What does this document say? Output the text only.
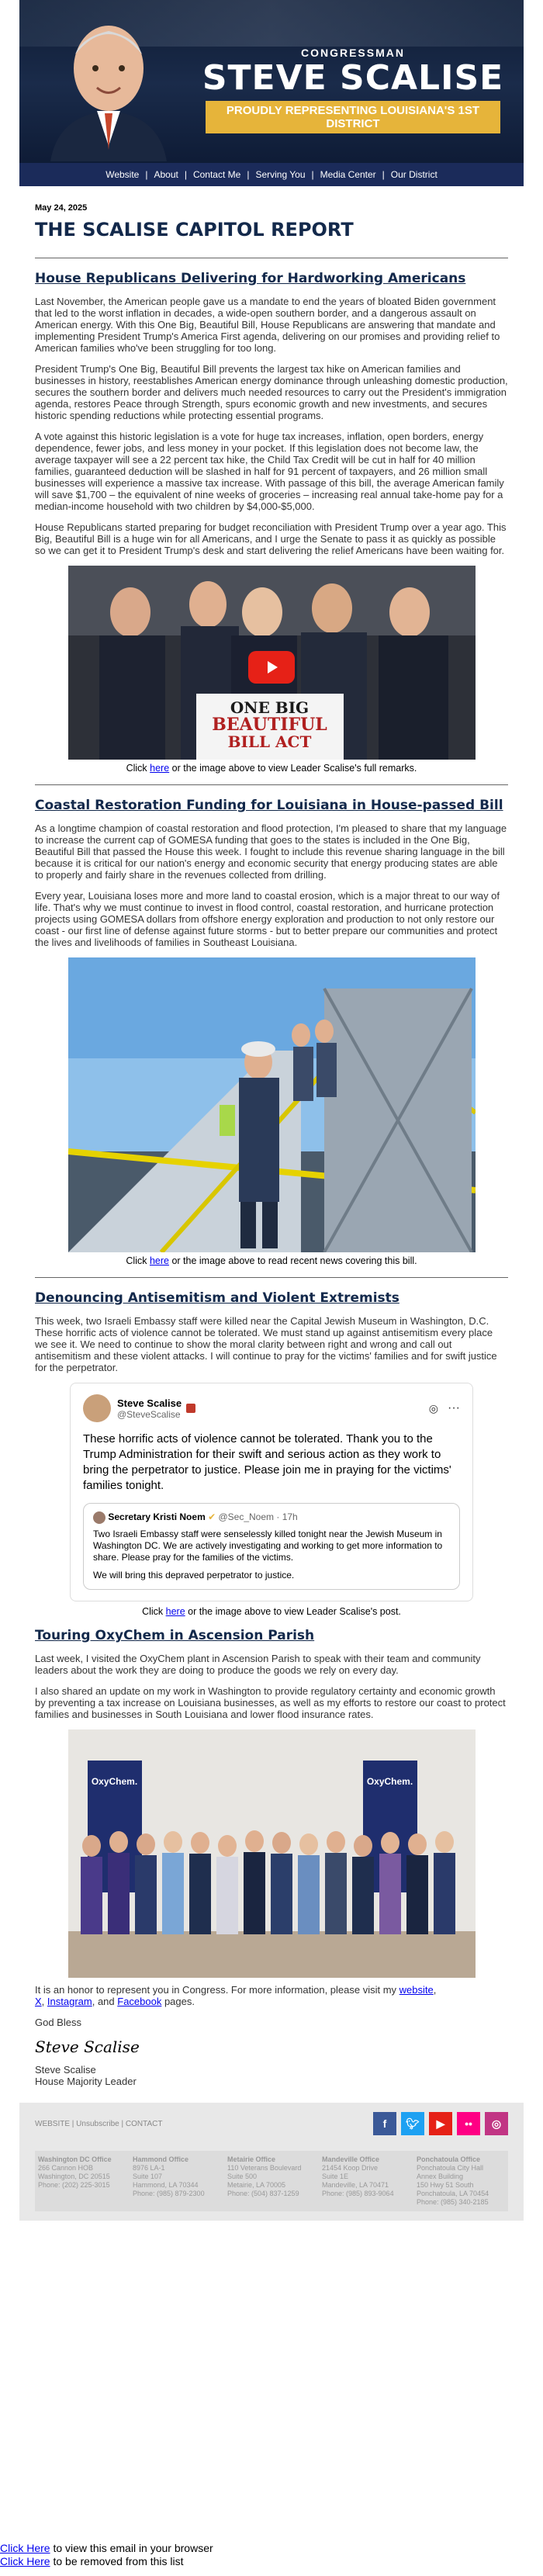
CONGRESSMAN
STEVE SCALISE
PROUDLY REPRESENTING LOUISIANA'S 1ST DISTRICT
Website | About | Contact Me | Serving You | Media Center | Our District
May 24, 2025
THE SCALISE CAPITOL REPORT
House Republicans Delivering for Hardworking Americans

Last November, the American people gave us a mandate to end the years of bloated Biden government that led to the worst inflation in decades, a wide-open southern border, and a dangerous assault on American energy. With this One Big, Beautiful Bill, House Republicans are answering that mandate and implementing President Trump's America First agenda, delivering on our promises and providing relief to American families who've been struggling for too long.

President Trump's One Big, Beautiful Bill prevents the largest tax hike on American families and businesses in history, reestablishes American energy dominance through unleashing domestic production, secures the southern border and delivers much needed resources to carry out the President's immigration agenda, restores Peace through Strength, spurs economic growth and new investments, and secures historic spending reductions while protecting essential programs.

A vote against this historic legislation is a vote for huge tax increases, inflation, open borders, energy dependence, fewer jobs, and less money in your pocket. If this legislation does not become law, the average taxpayer will see a 22 percent tax hike, the Child Tax Credit will be cut in half for 40 million families, guaranteed deduction will be slashed in half for 91 percent of taxpayers, and 26 million small businesses will experience a massive tax increase. With passage of this bill, the average American family will save $1,700 – the equivalent of nine weeks of groceries – increasing real annual take-home pay for a median-income household with two children by $4,000-$5,000.

House Republicans started preparing for budget reconciliation with President Trump over a year ago. This Big, Beautiful Bill is a huge win for all Americans, and I urge the Senate to pass it as quickly as possible so we can get it to President Trump's desk and start delivering the relief Americans have been waiting for.

ONE BIG
BEAUTIFUL
BILL ACT
Click here or the image above to view Leader Scalise's full remarks.
Coastal Restoration Funding for Louisiana in House-passed Bill

As a longtime champion of coastal restoration and flood protection, I'm pleased to share that my language to increase the current cap of GOMESA funding that goes to the states is included in the One Big, Beautiful Bill that passed the House this week. I fought to include this revenue sharing language in the bill because it is critical for our nation's energy and economic security that energy producing states are able to properly and fairly share in the revenues collected from drilling.

Every year, Louisiana loses more and more land to coastal erosion, which is a major threat to our way of life. That's why we must continue to invest in flood control, coastal restoration, and hurricane protection projects using GOMESA dollars from offshore energy exploration and production to not only restore our coast - our first line of defense against future storms - but to better prepare our communities and protect the lives and livelihoods of families in Southeast Louisiana.

Click here or the image above to read recent news covering this bill.
Denouncing Antisemitism and Violent Extremists

This week, two Israeli Embassy staff were killed near the Capital Jewish Museum in Washington, D.C. These horrific acts of violence cannot be tolerated. We must stand up against antisemitism every place we see it. We need to continue to show the moral clarity between right and wrong and call out antisemitism and these violent attacks. I will continue to pray for the victims' families and for swift justice for the perpetrator.

Steve Scalise
@SteveScalise	◎ ···
These horrific acts of violence cannot be tolerated. Thank you to the Trump Administration for their swift and serious action as they work to bring the perpetrator to justice. Please join me in praying for the victims' families tonight.
Secretary Kristi Noem ✔ @Sec_Noem · 17h
Two Israeli Embassy staff were senselessly killed tonight near the Jewish Museum in Washington DC. We are actively investigating and working to get more information to share. Please pray for the families of the victims.
We will bring this depraved perpetrator to justice.
Click here or the image above to view Leader Scalise's post.
Touring OxyChem in Ascension Parish

Last week, I visited the OxyChem plant in Ascension Parish to speak with their team and community leaders about the work they are doing to produce the goods we rely on every day.

I also shared an update on my work in Washington to provide regulatory certainty and economic growth by preventing a tax increase on Louisiana businesses, as well as my efforts to restore our coast to protect families and businesses in South Louisiana and lower flood insurance rates.

OxyChem.	OxyChem.

It is an honor to represent you in Congress. For more information, please visit my website,
X, Instagram, and Facebook pages.

God Bless

Steve Scalise

Steve Scalise

House Majority Leader

WEBSITE | Unsubscribe | CONTACT	f	🐦︎	▶	••	◎
Washington DC Office
266 Cannon HOB
Washington, DC 20515
Phone: (202) 225-3015
Hammond Office
8976 LA-1
Suite 107
Hammond, LA 70344
Phone: (985) 879-2300
Metairie Office
110 Veterans Boulevard
Suite 500
Metairie, LA 70005
Phone: (504) 837-1259
Mandeville Office
21454 Koop Drive
Suite 1E
Mandeville, LA 70471
Phone: (985) 893-9064
Ponchatoula Office
Ponchatoula City Hall
Annex Building
150 Hwy 51 South
Ponchatoula, LA 70454
Phone: (985) 340-2185
Click Here to view this email in your browser
Click Here to be removed from this list
